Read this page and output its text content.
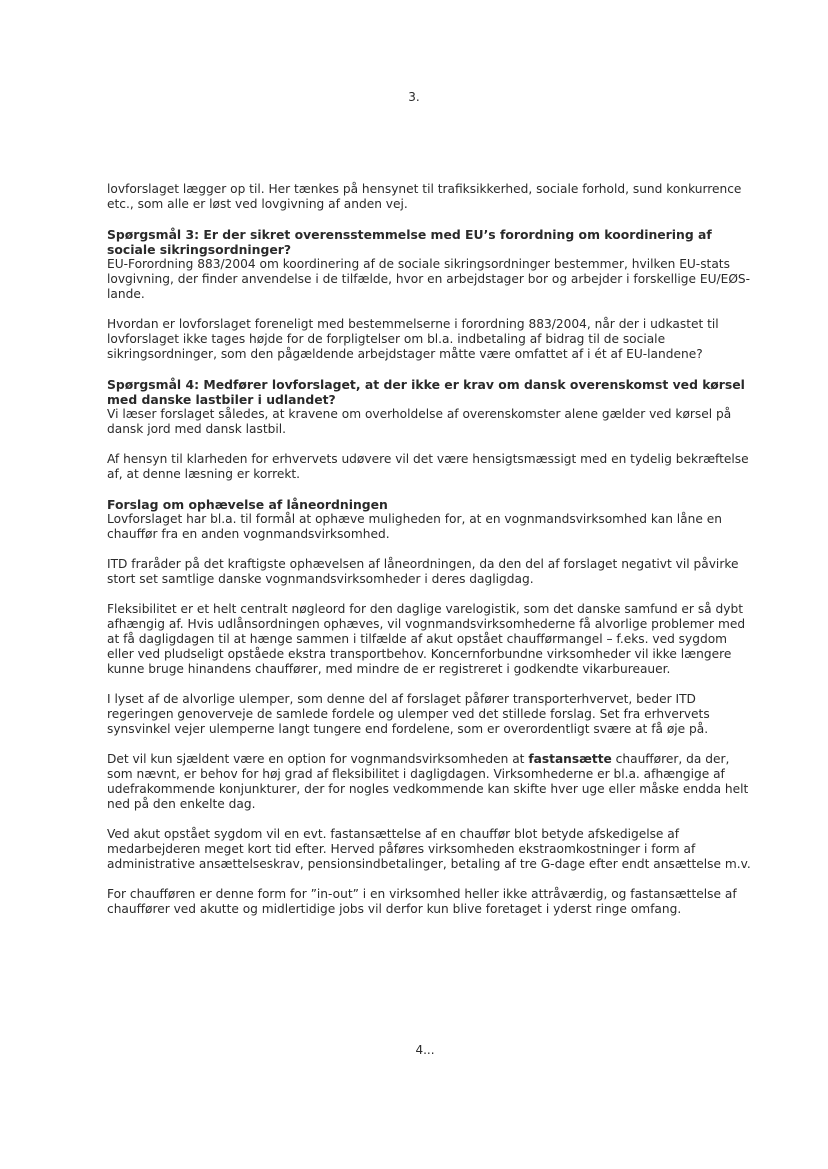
3.

lovforslaget lægger op til. Her tænkes på hensynet til trafiksikkerhed, sociale forhold, sund konkurrence etc., som alle er løst ved lovgivning af anden vej.

Spørgsmål 3: Er der sikret overensstemmelse med EU’s forordning om koordinering af sociale sikringsordninger?

EU-Forordning 883/2004 om koordinering af de sociale sikringsordninger bestemmer, hvilken EU-stats lovgivning, der finder anvendelse i de tilfælde, hvor en arbejdstager bor og arbejder i forskellige EU/EØS-lande.

Hvordan er lovforslaget foreneligt med bestemmelserne i forordning 883/2004, når der i udkastet til lovforslaget ikke tages højde for de forpligtelser om bl.a. indbetaling af bidrag til de sociale sikringsordninger, som den pågældende arbejdstager måtte være omfattet af i ét af EU-landene?

Spørgsmål 4: Medfører lovforslaget, at der ikke er krav om dansk overenskomst ved kørsel med danske lastbiler i udlandet?

Vi læser forslaget således, at kravene om overholdelse af overenskomster alene gælder ved kørsel på dansk jord med dansk lastbil.

Af hensyn til klarheden for erhvervets udøvere vil det være hensigtsmæssigt med en tydelig bekræftelse af, at denne læsning er korrekt.

Forslag om ophævelse af låneordningen

Lovforslaget har bl.a. til formål at ophæve muligheden for, at en vognmandsvirksomhed kan låne en chauffør fra en anden vognmandsvirksomhed.

ITD fraråder på det kraftigste ophævelsen af låneordningen, da den del af forslaget negativt vil påvirke stort set samtlige danske vognmandsvirksomheder i deres dagligdag.

Fleksibilitet er et helt centralt nøgleord for den daglige varelogistik, som det danske samfund er så dybt afhængig af. Hvis udlånsordningen ophæves, vil vognmandsvirksomhederne få alvorlige problemer med at få dagligdagen til at hænge sammen i tilfælde af akut opstået chaufførmangel – f.eks. ved sygdom eller ved pludseligt opståede ekstra transportbehov. Koncernforbundne virksomheder vil ikke længere kunne bruge hinandens chauffører, med mindre de er registreret i godkendte vikarbureauer.

I lyset af de alvorlige ulemper, som denne del af forslaget påfører transporterhvervet, beder ITD regeringen genoverveje de samlede fordele og ulemper ved det stillede forslag. Set fra erhvervets synsvinkel vejer ulemperne langt tungere end fordelene, som er overordentligt svære at få øje på.

Det vil kun sjældent være en option for vognmandsvirksomheden at fastansætte chauffører, da der, som nævnt, er behov for høj grad af fleksibilitet i dagligdagen. Virksomhederne er bl.a. afhængige af udefrakommende konjunkturer, der for nogles vedkommende kan skifte hver uge eller måske endda helt ned på den enkelte dag.

Ved akut opstået sygdom vil en evt. fastansættelse af en chauffør blot betyde afskedigelse af medarbejderen meget kort tid efter. Herved påføres virksomheden ekstraomkostninger i form af administrative ansættelseskrav, pensionsindbetalinger, betaling af tre G-dage efter endt ansættelse m.v.

For chaufføren er denne form for ”in-out” i en virksomhed heller ikke attråværdig, og fastansættelse af chauffører ved akutte og midlertidige jobs vil derfor kun blive foretaget i yderst ringe omfang.

4...
